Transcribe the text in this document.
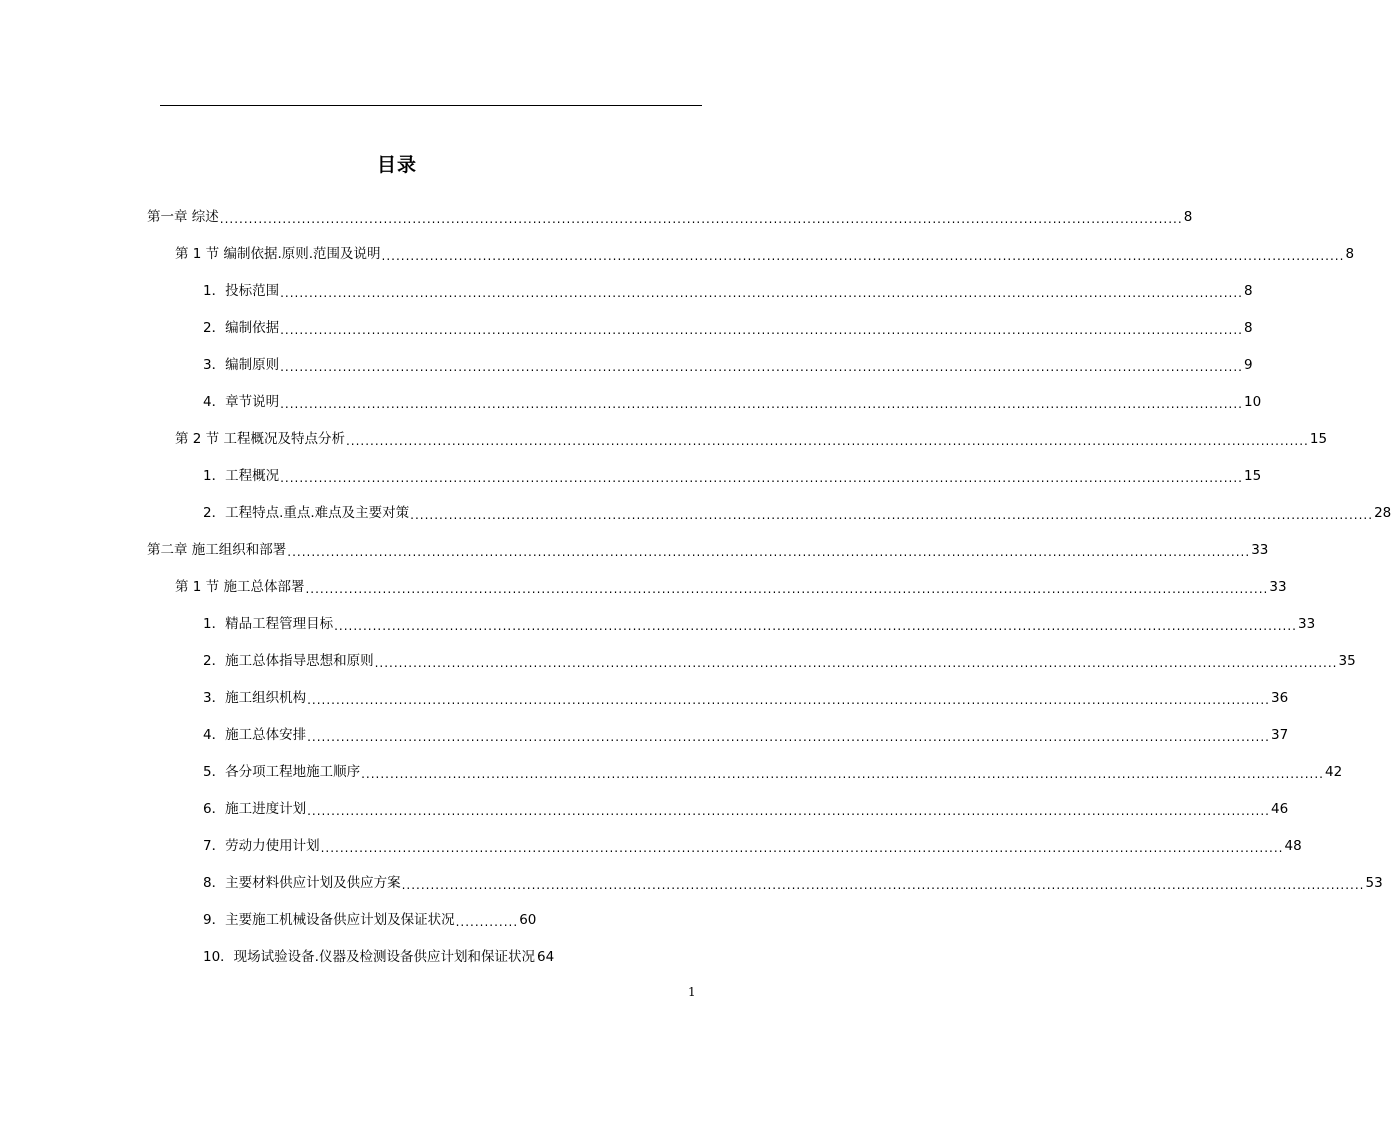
目录
第一章 综述 ........................................................................................................................................................................................................ 8
第 1 节 编制依据.原则.范围及说明 ........................................................................................................................................................................................................ 8
1．投标范围 ........................................................................................................................................................................................................ 8
2．编制依据 ........................................................................................................................................................................................................ 8
3．编制原则 ........................................................................................................................................................................................................ 9
4．章节说明 ........................................................................................................................................................................................................ 10
第 2 节 工程概况及特点分析 ........................................................................................................................................................................................................ 15
1．工程概况 ........................................................................................................................................................................................................ 15
2．工程特点.重点.难点及主要对策 ........................................................................................................................................................................................................ 28
第二章 施工组织和部署 ........................................................................................................................................................................................................ 33
第 1 节 施工总体部署 ........................................................................................................................................................................................................ 33
1．精品工程管理目标 ........................................................................................................................................................................................................ 33
2．施工总体指导思想和原则 ........................................................................................................................................................................................................ 35
3．施工组织机构 ........................................................................................................................................................................................................ 36
4．施工总体安排 ........................................................................................................................................................................................................ 37
5．各分项工程地施工顺序 ........................................................................................................................................................................................................ 42
6．施工进度计划 ........................................................................................................................................................................................................ 46
7．劳动力使用计划 ........................................................................................................................................................................................................ 48
8．主要材料供应计划及供应方案 ........................................................................................................................................................................................................ 53
9．主要施工机械设备供应计划及保证状况 ............. 60
10．现场试验设备.仪器及检测设备供应计划和保证状况 64
1
